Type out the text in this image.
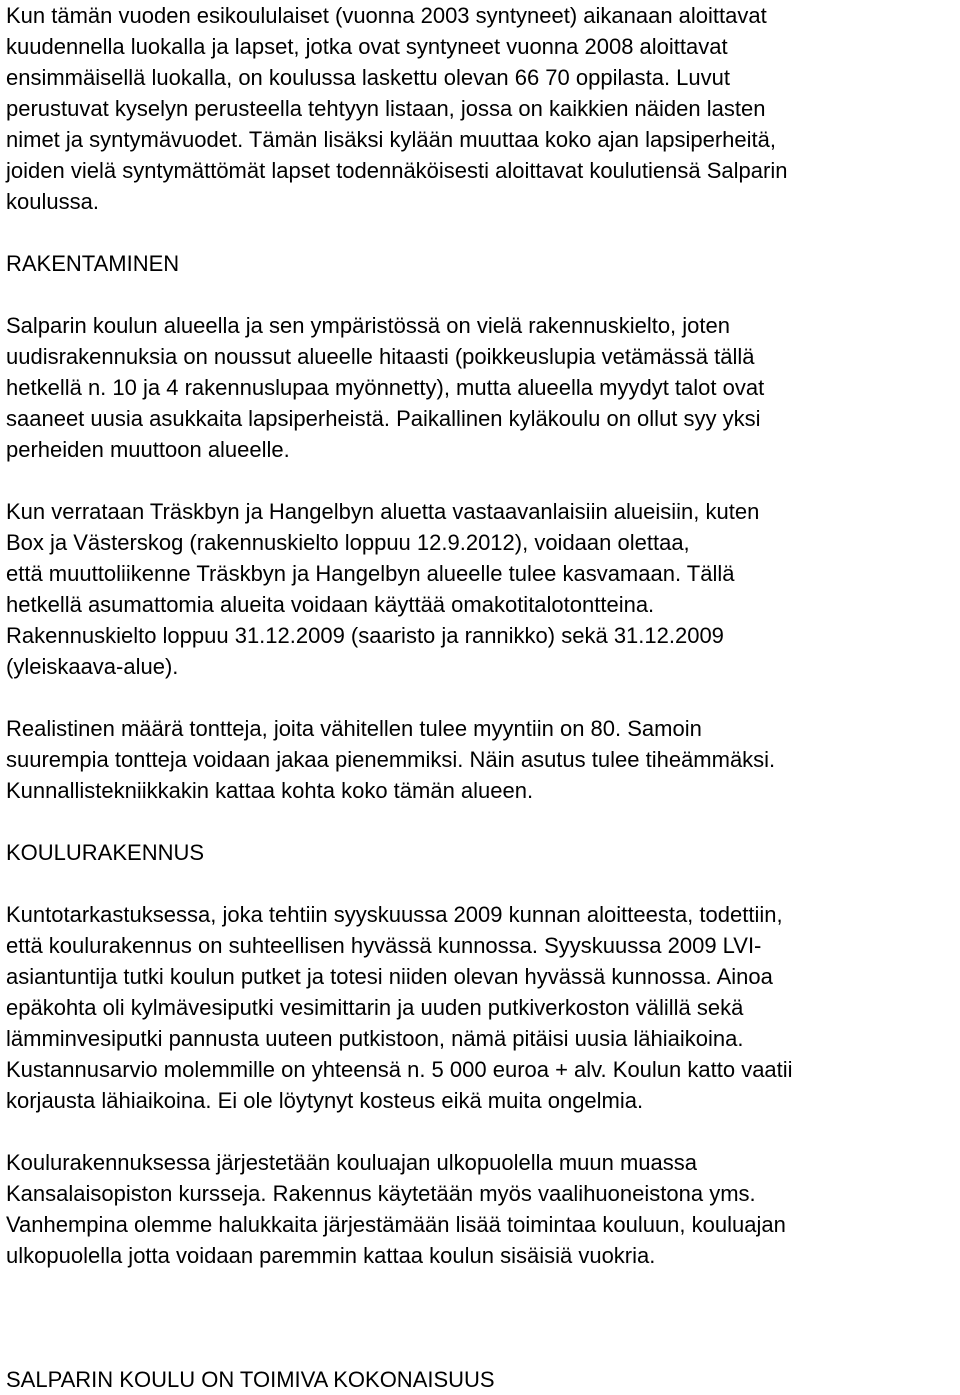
Kun tämän vuoden esikoululaiset (vuonna 2003 syntyneet) aikanaan aloittavat
kuudennella luokalla ja lapset, jotka ovat syntyneet vuonna 2008 aloittavat
ensimmäisellä luokalla, on koulussa laskettu olevan 66 70 oppilasta. Luvut
perustuvat kyselyn perusteella tehtyyn listaan, jossa on kaikkien näiden lasten
nimet ja syntymävuodet. Tämän lisäksi kylään muuttaa koko ajan lapsiperheitä,
joiden vielä syntymättömät lapset todennäköisesti aloittavat koulutiensä Salparin
koulussa.

RAKENTAMINEN

Salparin koulun alueella ja sen ympäristössä on vielä rakennuskielto, joten
uudisrakennuksia on noussut alueelle hitaasti (poikkeuslupia vetämässä tällä
hetkellä n. 10 ja 4 rakennuslupaa myönnetty), mutta alueella myydyt talot ovat
saaneet uusia asukkaita lapsiperheistä. Paikallinen kyläkoulu on ollut syy yksi
perheiden muuttoon alueelle.

Kun verrataan Träskbyn ja Hangelbyn aluetta vastaavanlaisiin alueisiin, kuten
Box ja Västerskog (rakennuskielto loppuu 12.9.2012), voidaan olettaa,
että muuttoliikenne Träskbyn ja Hangelbyn alueelle tulee kasvamaan. Tällä
hetkellä asumattomia alueita voidaan käyttää omakotitalotontteina.
Rakennuskielto loppuu 31.12.2009 (saaristo ja rannikko) sekä 31.12.2009
(yleiskaava-alue).

Realistinen määrä tontteja, joita vähitellen tulee myyntiin on 80. Samoin
suurempia tontteja voidaan jakaa pienemmiksi. Näin asutus tulee tiheämmäksi.
Kunnallistekniikkakin kattaa kohta koko tämän alueen.

KOULURAKENNUS

Kuntotarkastuksessa, joka tehtiin syyskuussa 2009 kunnan aloitteesta, todettiin,
että koulurakennus on suhteellisen hyvässä kunnossa. Syyskuussa 2009 LVI-
asiantuntija tutki koulun putket ja totesi niiden olevan hyvässä kunnossa. Ainoa
epäkohta oli kylmävesiputki vesimittarin ja uuden putkiverkoston välillä sekä
lämminvesiputki pannusta uuteen putkistoon, nämä pitäisi uusia lähiaikoina.
Kustannusarvio molemmille on yhteensä n. 5 000 euroa + alv. Koulun katto vaatii
korjausta lähiaikoina. Ei ole löytynyt kosteus eikä muita ongelmia.

Koulurakennuksessa järjestetään kouluajan ulkopuolella muun muassa
Kansalaisopiston kursseja. Rakennus käytetään myös vaalihuoneistona yms.
Vanhempina olemme halukkaita järjestämään lisää toimintaa kouluun, kouluajan
ulkopuolella jotta voidaan paremmin kattaa koulun sisäisiä vuokria.

SALPARIN KOULU ON TOIMIVA KOKONAISUUS
